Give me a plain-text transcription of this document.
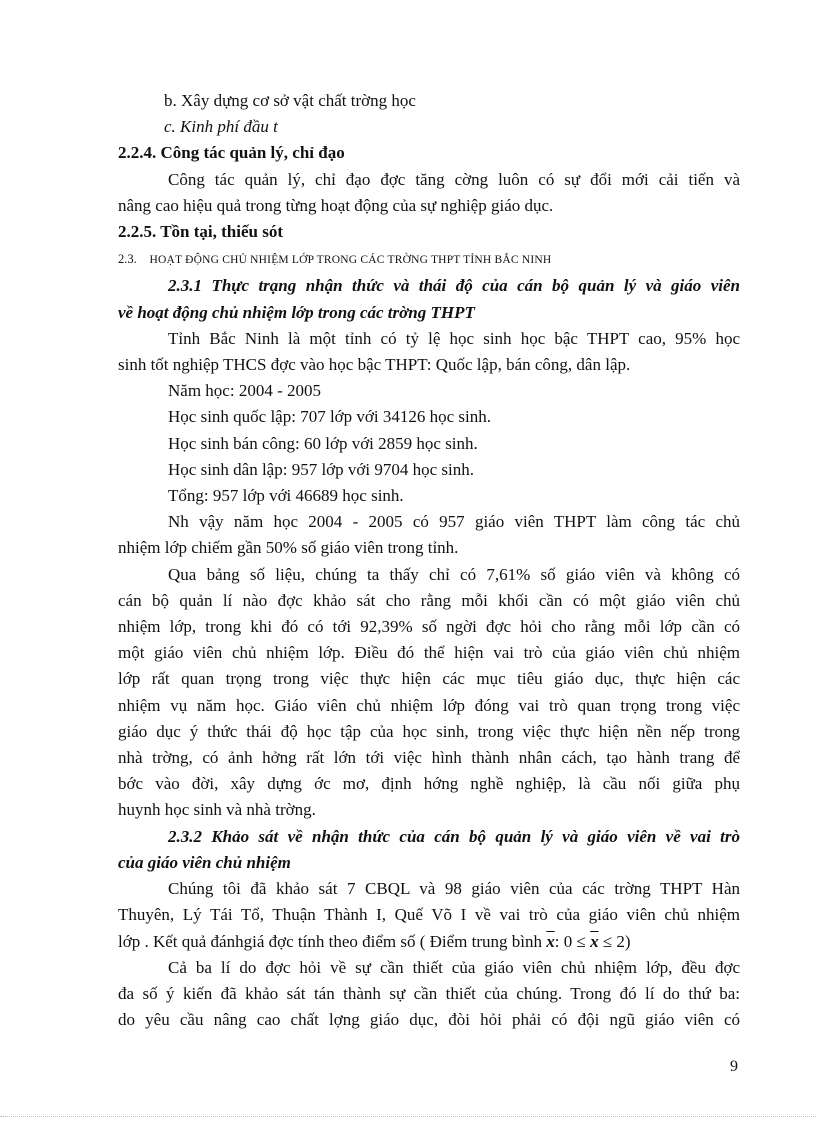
b. Xây dựng cơ sở vật chất trờng học

c. Kinh phí đầu t

2.2.4. Công tác quản lý, chỉ đạo

Công tác quản lý, chỉ đạo đợc tăng cờng luôn có sự đổi mới cải tiến và

nâng cao hiệu quả trong từng hoạt động của sự nghiệp giáo dục.

2.2.5. Tồn tại, thiếu sót

2.3. HOẠT ĐỘNG CHỦ NHIỆM LỚP TRONG CÁC TRỜNG THPT TỈNH BẮC NINH

2.3.1 Thực trạng nhận thức và thái độ của cán bộ quản lý và giáo viên

về hoạt động chủ nhiệm lớp trong các trờng THPT

Tỉnh Bắc Ninh là một tỉnh có tỷ lệ học sinh học bậc THPT cao, 95% học

sinh tốt nghiệp THCS đợc vào học bậc THPT: Quốc lập, bán công, dân lập.

Năm học: 2004 - 2005

Học sinh quốc lập: 707 lớp với 34126 học sinh.

Học sinh bán công: 60 lớp với 2859 học sinh.

Học sinh dân lập: 957 lớp với 9704 học sinh.

Tổng: 957 lớp với 46689 học sinh.

Nh vậy năm học 2004 - 2005 có 957 giáo viên THPT làm công tác chủ

nhiệm lớp chiếm gần 50% số giáo viên trong tỉnh.

Qua bảng số liệu, chúng ta thấy chỉ có 7,61% số giáo viên và không có

cán bộ quản lí nào đợc khảo sát cho rằng mỗi khối cần có một giáo viên chủ

nhiệm lớp, trong khi đó có tới 92,39% số ngời đợc hỏi cho rằng mỗi lớp cần có

một giáo viên chủ nhiệm lớp. Điều đó thể hiện vai trò của giáo viên chủ nhiệm

lớp rất quan trọng trong việc thực hiện các mục tiêu giáo dục, thực hiện các

nhiệm vụ năm học. Giáo viên chủ nhiệm lớp đóng vai trò quan trọng trong việc

giáo dục ý thức thái độ học tập của học sinh, trong việc thực hiện nền nếp trong

nhà trờng, có ảnh hởng rất lớn tới việc hình thành nhân cách, tạo hành trang để

bớc vào đời, xây dựng ớc mơ, định hớng nghề nghiệp, là cầu nối giữa phụ

huynh học sinh và nhà trờng.

2.3.2 Khảo sát về nhận thức của cán bộ quản lý và giáo viên về vai trò

của giáo viên chủ nhiệm

Chúng tôi đã khảo sát 7 CBQL và 98 giáo viên của các trờng THPT Hàn

Thuyên, Lý Tái Tổ, Thuận Thành I, Quế Võ I về vai trò của giáo viên chủ nhiệm

lớp . Kết quả đánhgiá đợc tính theo điểm số ( Điểm trung bình $\overline{x}$: $0 \le \overline{x} \le 2$)

Cả ba lí do đợc hỏi về sự cần thiết của giáo viên chủ nhiệm lớp, đều đợc

đa số ý kiến đã khảo sát tán thành sự cần thiết của chúng. Trong đó lí do thứ ba:

do yêu cầu nâng cao chất lợng giáo dục, đòi hỏi phải có đội ngũ giáo viên có

9
